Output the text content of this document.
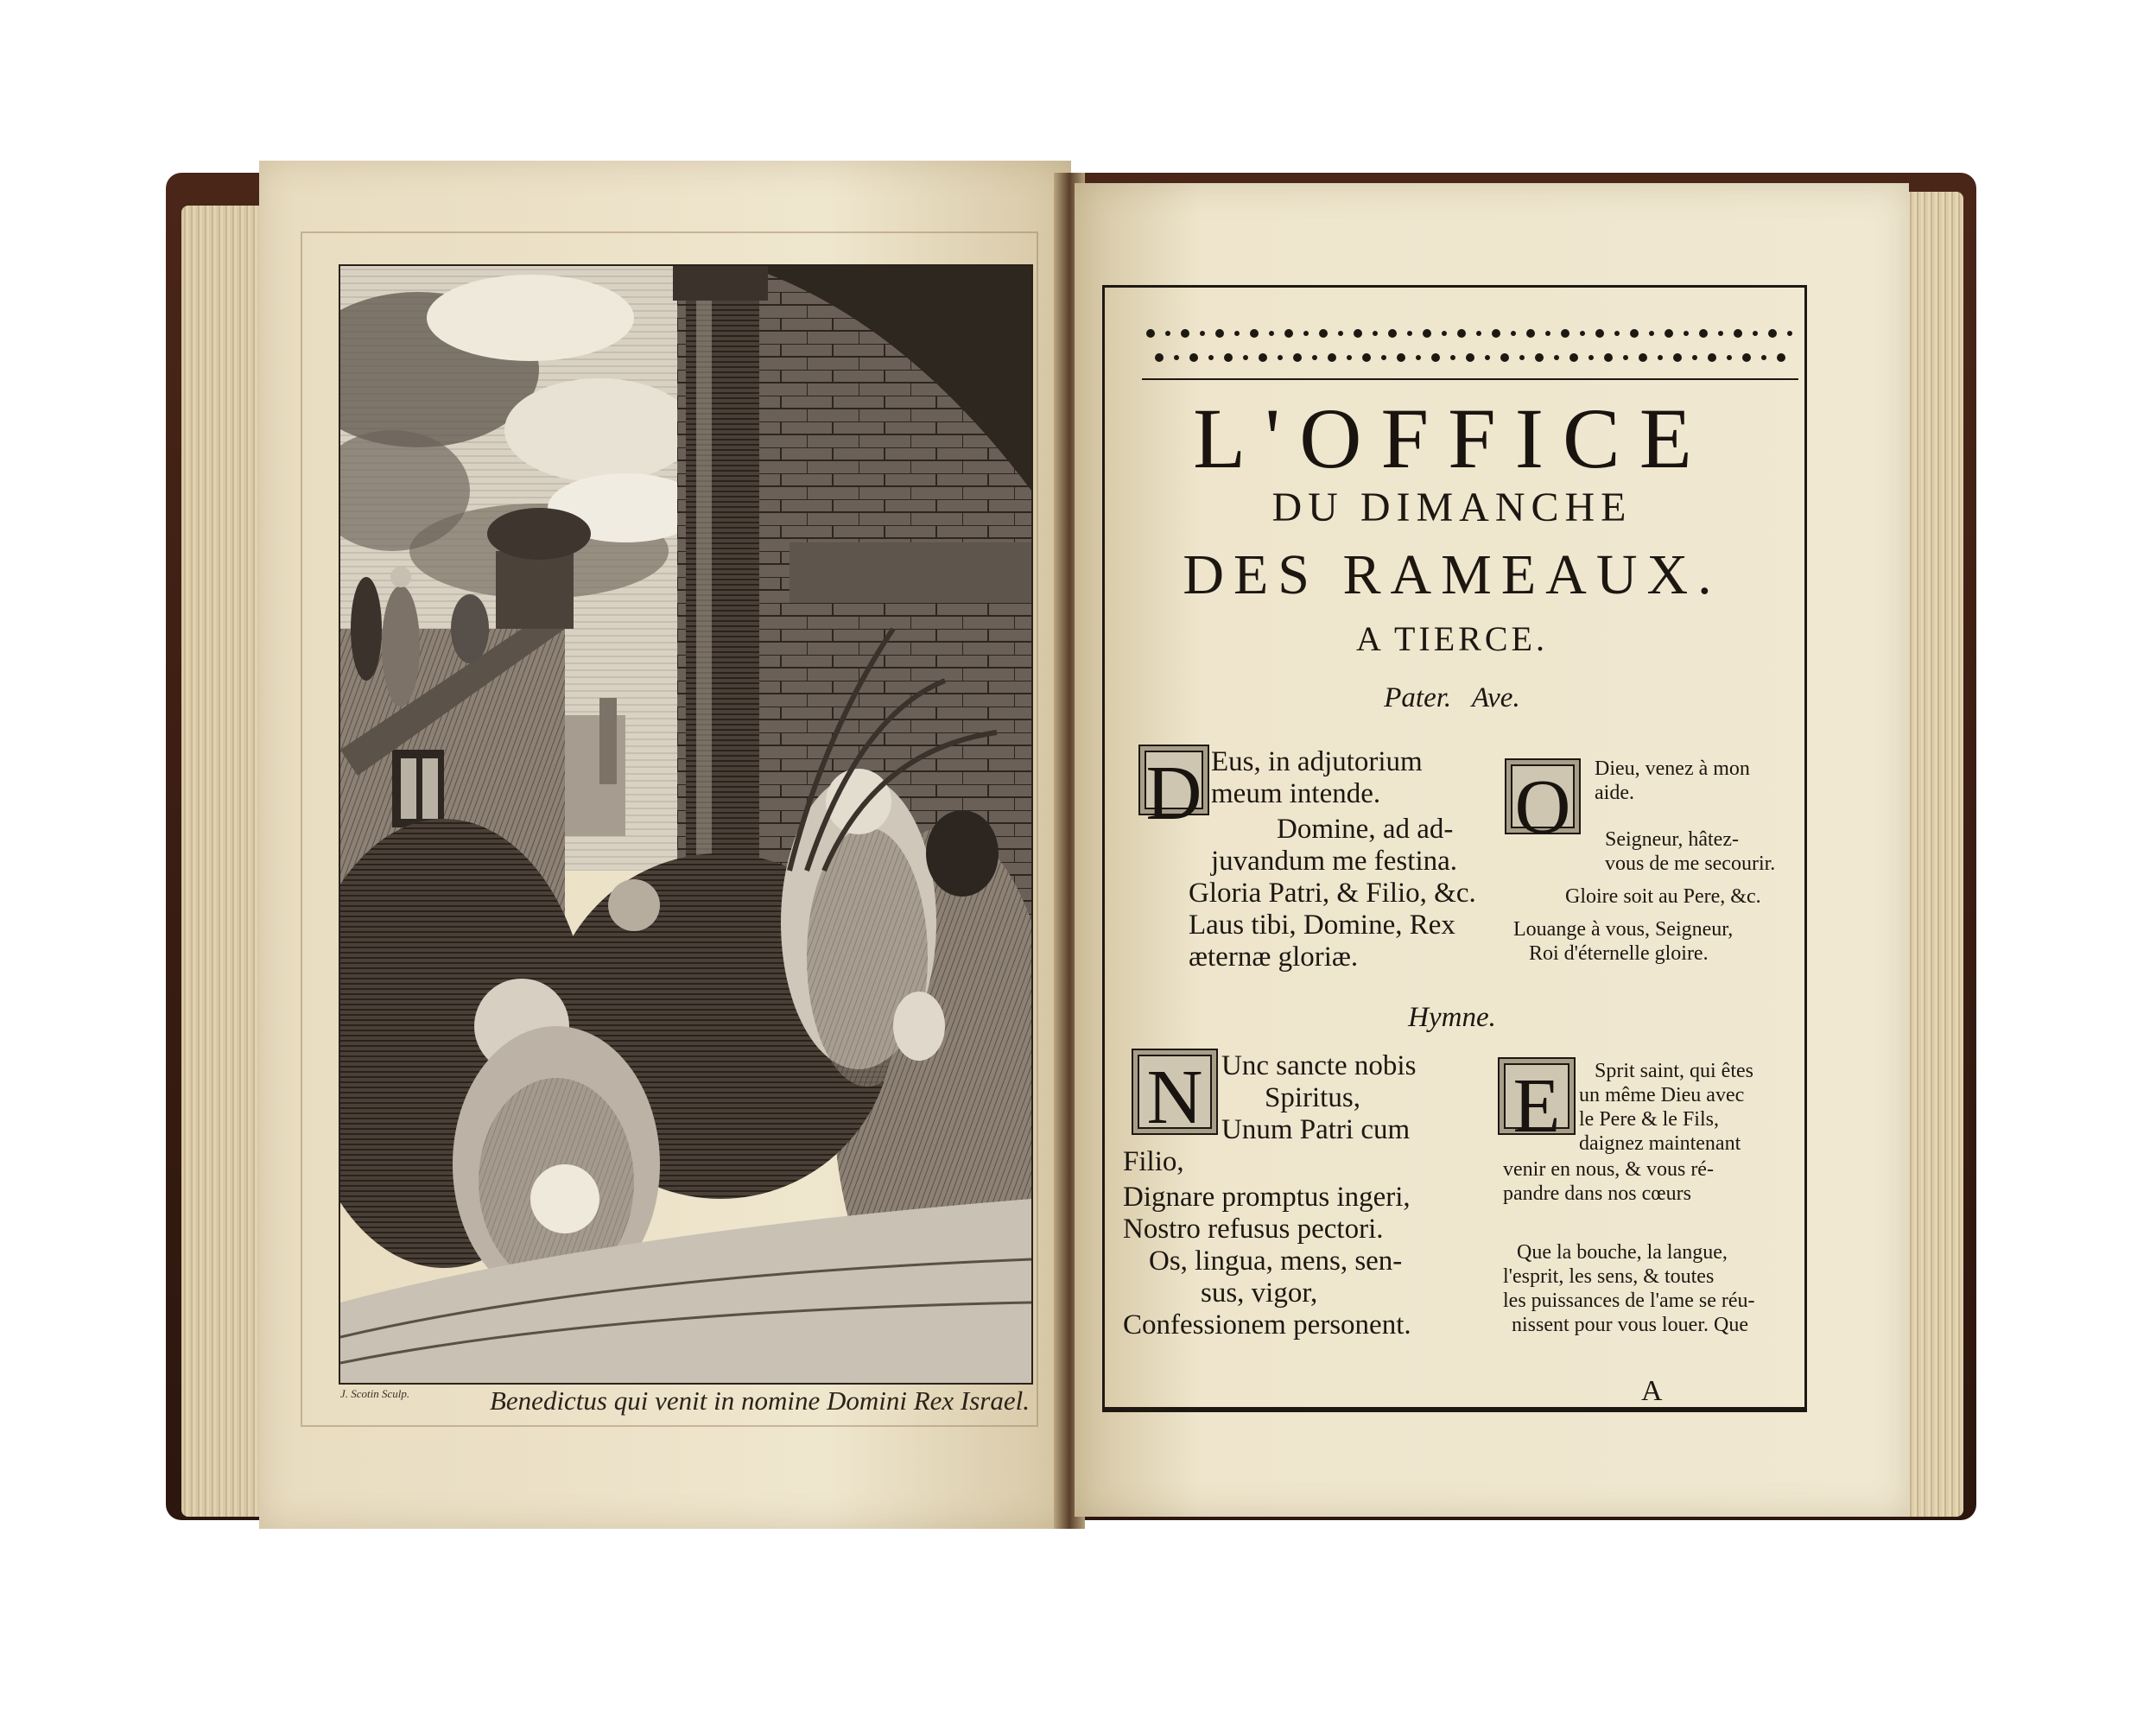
J. Scotin Sculp.	Benedictus qui venit in nomine Domini Rex Israel.
L'OFFICE
DU DIMANCHE
DES RAMEAUX.
A TIERCE.
Pater. Ave.
D Eus, in adjutorium
meum intende.
Domine, ad ad-
juvandum me festina.
Gloria Patri, & Filio, &c.
Laus tibi, Domine, Rex
æternæ gloriæ.
O	Dieu, venez à mon
aide.
Seigneur, hâtez-
vous de me secourir.
Gloire soit au Pere, &c.
Louange à vous, Seigneur,
Roi d'éternelle gloire.
Hymne.
N Unc sancte nobis
Spiritus,
Unum Patri cum
Filio,
Dignare promptus ingeri,
Nostro refusus pectori.
Os, lingua, mens, sen-
sus, vigor,
Confessionem personent.
E	Sprit saint, qui êtes
un même Dieu avec
le Pere & le Fils,
daignez maintenant
venir en nous, & vous ré-
pandre dans nos cœurs
Que la bouche, la langue,
l'esprit, les sens, & toutes
les puissances de l'ame se réu-
nissent pour vous louer. Que
A
